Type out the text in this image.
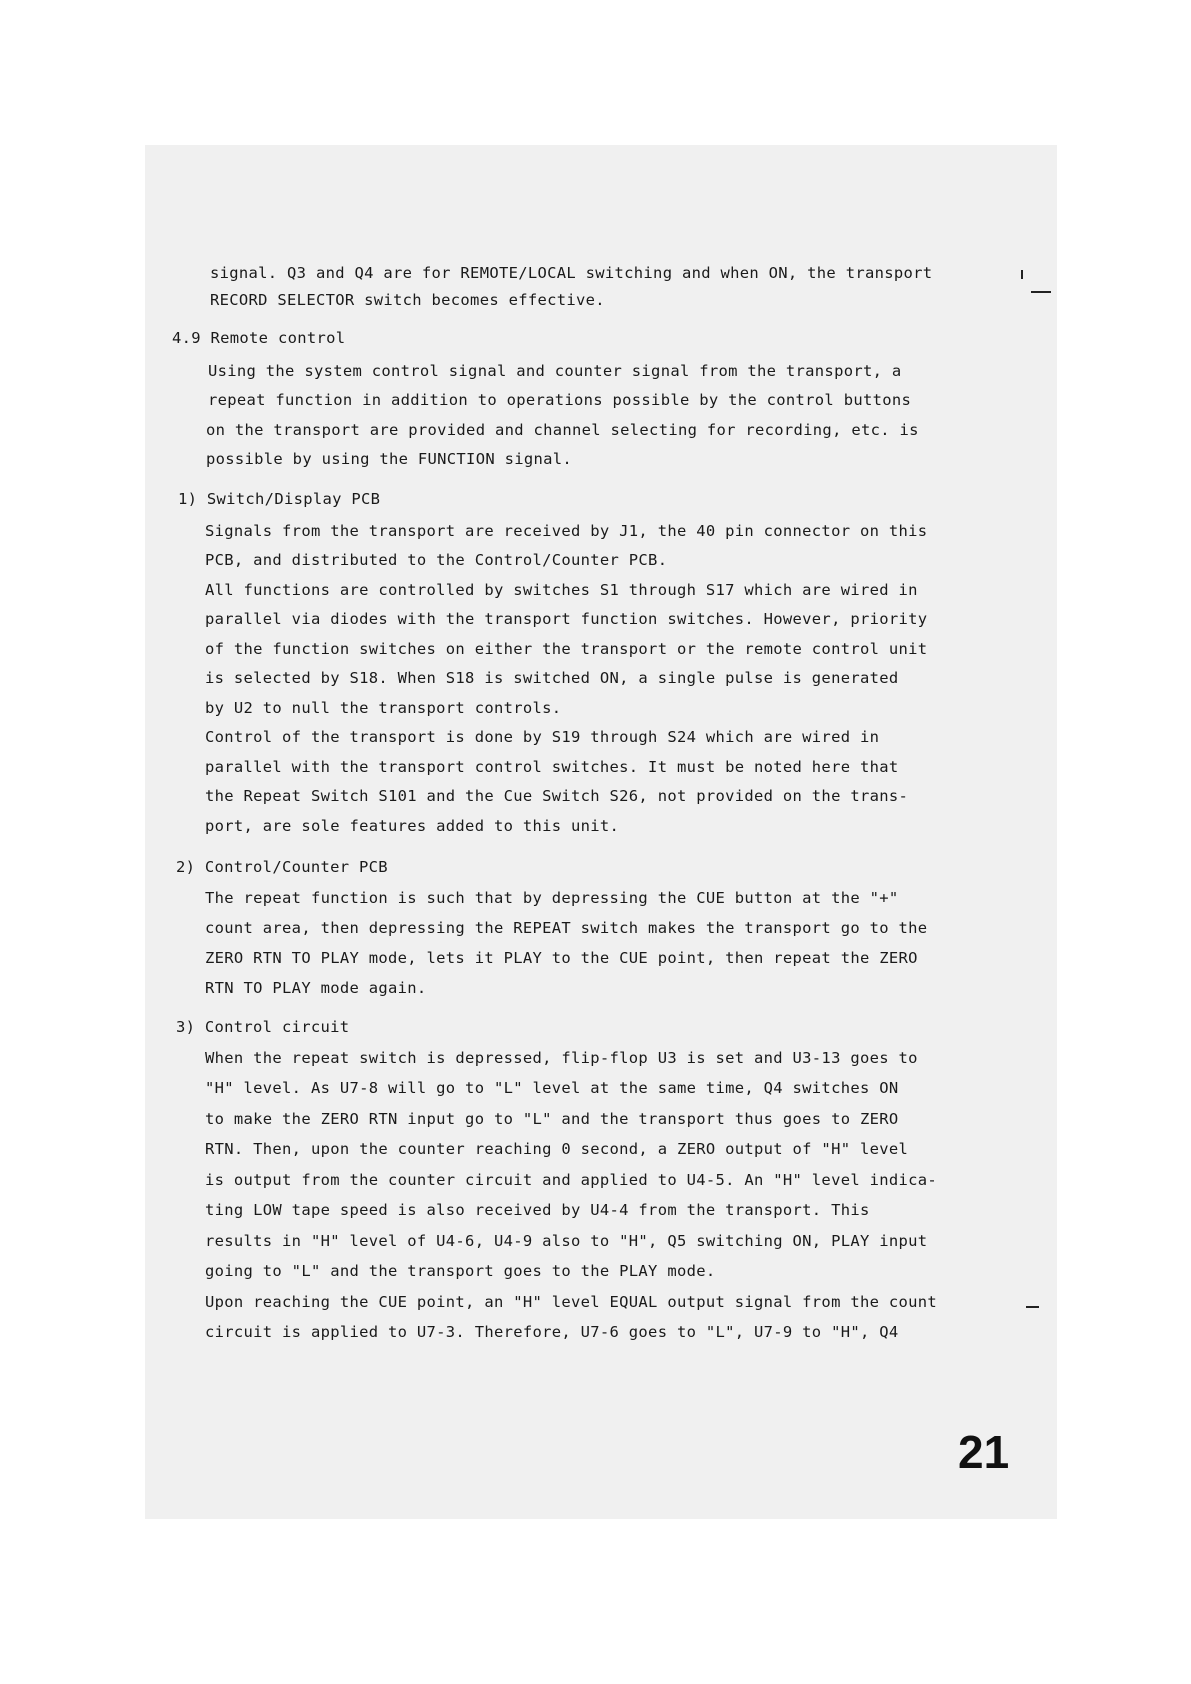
signal. Q3 and Q4 are for REMOTE/LOCAL switching and when ON, the transport
RECORD SELECTOR switch becomes effective.
4.9 Remote control
Using the system control signal and counter signal from the transport, a
repeat function in addition to operations possible by the control buttons
on the transport are provided and channel selecting for recording, etc. is
possible by using the FUNCTION signal.
1) Switch/Display PCB
Signals from the transport are received by J1, the 40 pin connector on this
PCB, and distributed to the Control/Counter PCB.
All functions are controlled by switches S1 through S17 which are wired in
parallel via diodes with the transport function switches. However, priority
of the function switches on either the transport or the remote control unit
is selected by S18. When S18 is switched ON, a single pulse is generated
by U2 to null the transport controls.
Control of the transport is done by S19 through S24 which are wired in
parallel with the transport control switches. It must be noted here that
the Repeat Switch S101 and the Cue Switch S26, not provided on the trans-
port, are sole features added to this unit.
2) Control/Counter PCB
The repeat function is such that by depressing the CUE button at the "+"
count area, then depressing the REPEAT switch makes the transport go to the
ZERO RTN TO PLAY mode, lets it PLAY to the CUE point, then repeat the ZERO
RTN TO PLAY mode again.
3) Control circuit
When the repeat switch is depressed, flip-flop U3 is set and U3-13 goes to
"H" level. As U7-8 will go to "L" level at the same time, Q4 switches ON
to make the ZERO RTN input go to "L" and the transport thus goes to ZERO
RTN. Then, upon the counter reaching 0 second, a ZERO output of "H" level
is output from the counter circuit and applied to U4-5. An "H" level indica-
ting LOW tape speed is also received by U4-4 from the transport. This
results in "H" level of U4-6, U4-9 also to "H", Q5 switching ON, PLAY input
going to "L" and the transport goes to the PLAY mode.
Upon reaching the CUE point, an "H" level EQUAL output signal from the count
circuit is applied to U7-3. Therefore, U7-6 goes to "L", U7-9 to "H", Q4
21
